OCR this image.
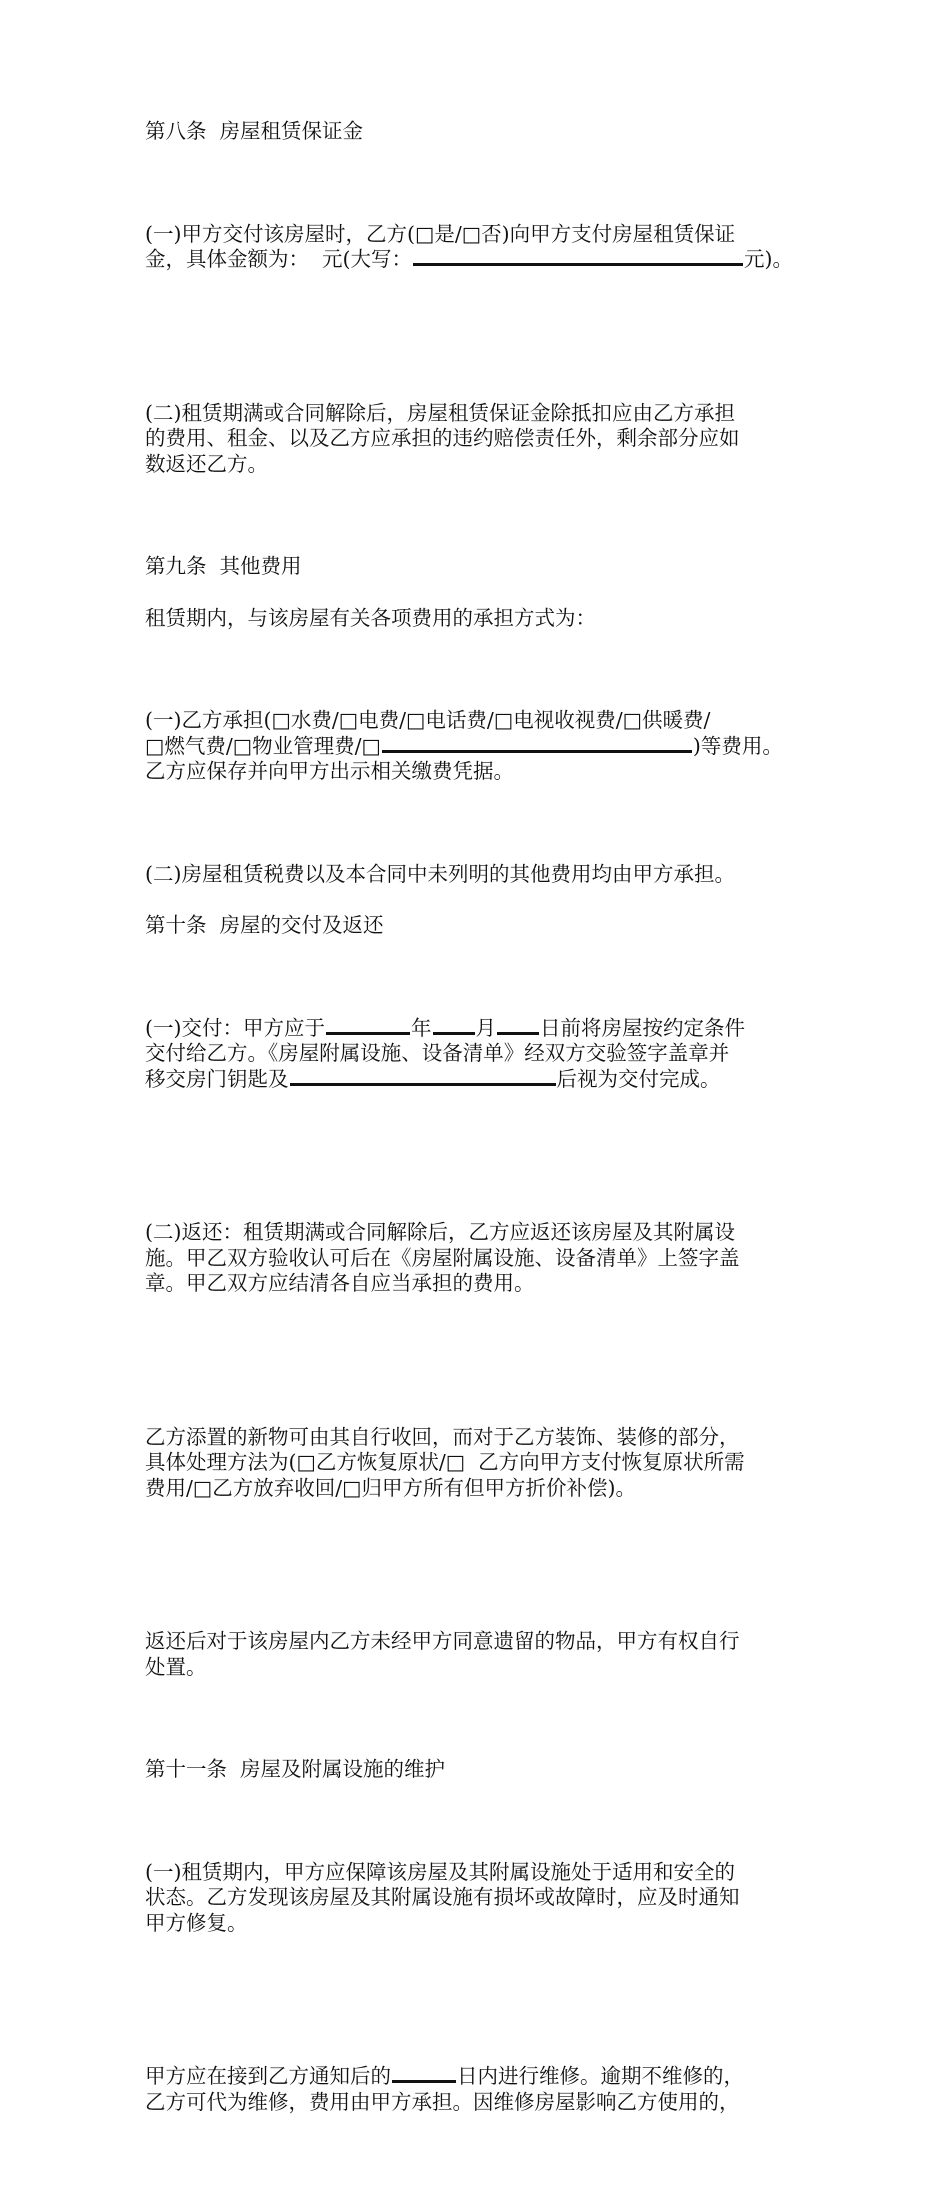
第八条  房屋租赁保证金

(一)甲方交付该房屋时，乙方(□是/□否)向甲方支付房屋租赁保证
金，具体金额为：  元(大写：	元)。

(二)租赁期满或合同解除后，房屋租赁保证金除抵扣应由乙方承担
的费用、租金、以及乙方应承担的违约赔偿责任外，剩余部分应如
数返还乙方。

第九条  其他费用

租赁期内，与该房屋有关各项费用的承担方式为：

(一)乙方承担(□水费/□电费/□电话费/□电视收视费/□供暖费/
□燃气费/□物业管理费/□	)等费用。
乙方应保存并向甲方出示相关缴费凭据。

(二)房屋租赁税费以及本合同中未列明的其他费用均由甲方承担。

第十条  房屋的交付及返还

(一)交付：甲方应于	年 月 日前将房屋按约定条件
交付给乙方。《房屋附属设施、设备清单》经双方交验签字盖章并
移交房门钥匙及	后视为交付完成。

(二)返还：租赁期满或合同解除后，乙方应返还该房屋及其附属设
施。甲乙双方验收认可后在《房屋附属设施、设备清单》上签字盖
章。甲乙双方应结清各自应当承担的费用。

乙方添置的新物可由其自行收回，而对于乙方装饰、装修的部分，
具体处理方法为(□乙方恢复原状/□  乙方向甲方支付恢复原状所需
费用/□乙方放弃收回/□归甲方所有但甲方折价补偿)。

返还后对于该房屋内乙方未经甲方同意遗留的物品，甲方有权自行
处置。

第十一条  房屋及附属设施的维护

(一)租赁期内，甲方应保障该房屋及其附属设施处于适用和安全的
状态。乙方发现该房屋及其附属设施有损坏或故障时，应及时通知
甲方修复。

甲方应在接到乙方通知后的	日内进行维修。逾期不维修的，
乙方可代为维修，费用由甲方承担。因维修房屋影响乙方使用的，
